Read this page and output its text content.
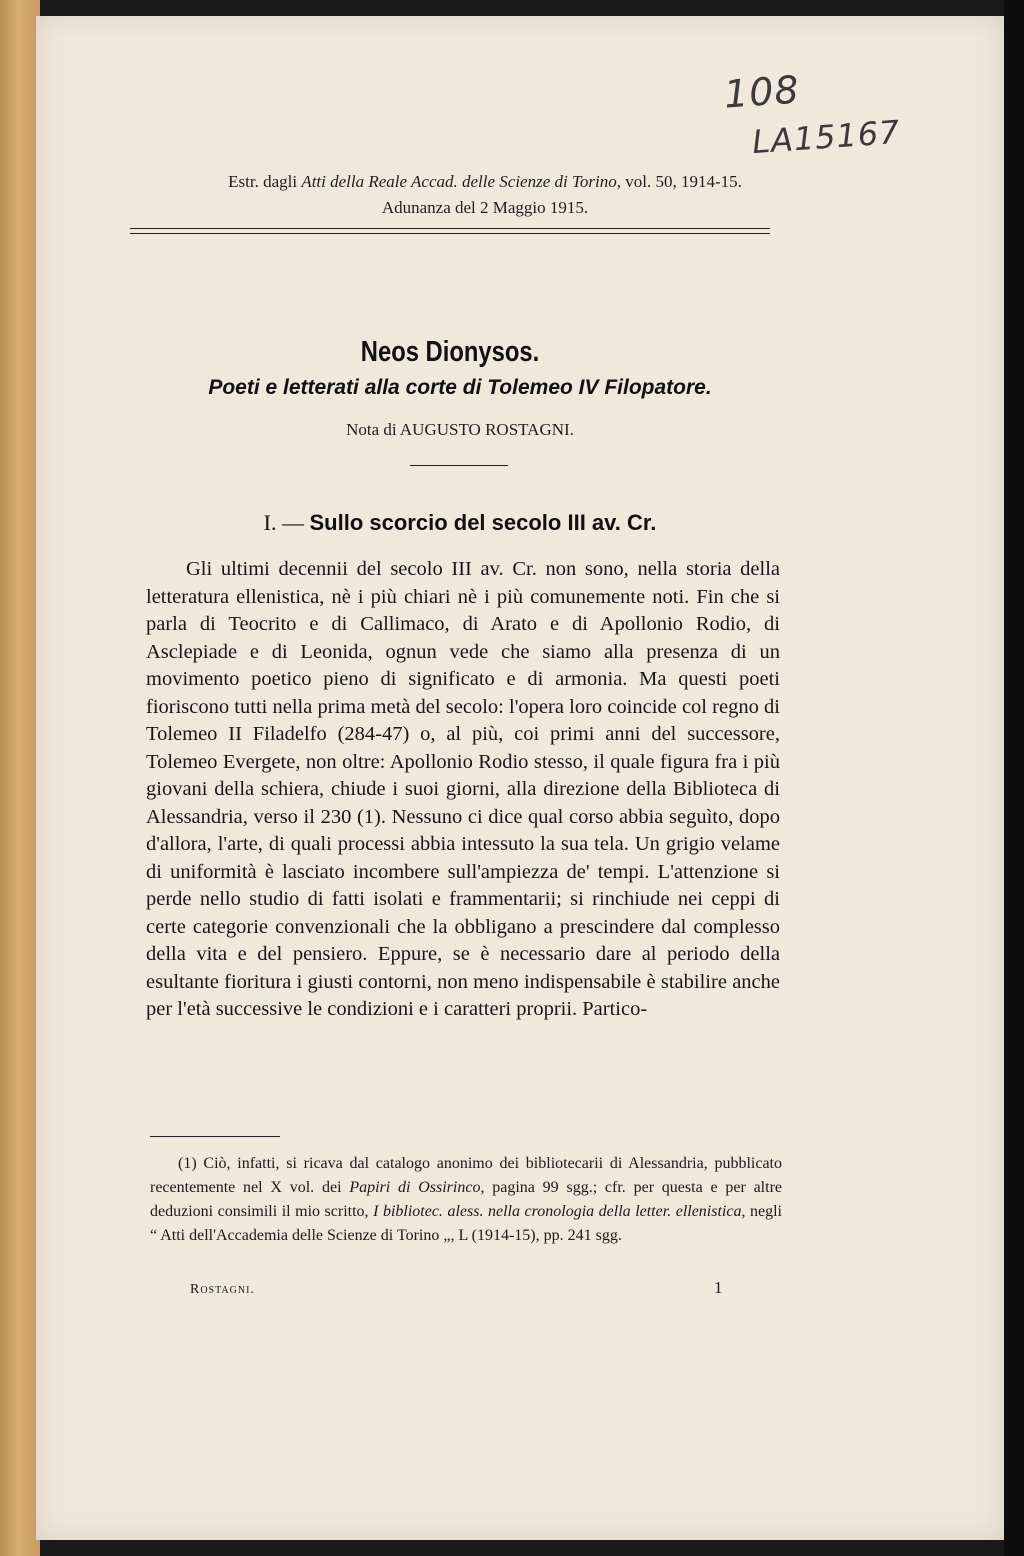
108
LA15167
Estr. dagli Atti della Reale Accad. delle Scienze di Torino, vol. 50, 1914-15.
Adunanza del 2 Maggio 1915.
Neos Dionysos.
Poeti e letterati alla corte di Tolemeo IV Filopatore.
Nota di AUGUSTO ROSTAGNI.
I. — Sullo scorcio del secolo III av. Cr.
Gli ultimi decennii del secolo III av. Cr. non sono, nella storia della letteratura ellenistica, nè i più chiari nè i più comunemente noti. Fin che si parla di Teocrito e di Callimaco, di Arato e di Apollonio Rodio, di Asclepiade e di Leonida, ognun vede che siamo alla presenza di un movimento poetico pieno di significato e di armonia. Ma questi poeti fioriscono tutti nella prima metà del secolo: l'opera loro coincide col regno di Tolemeo II Filadelfo (284-47) o, al più, coi primi anni del successore, Tolemeo Evergete, non oltre: Apollonio Rodio stesso, il quale figura fra i più giovani della schiera, chiude i suoi giorni, alla direzione della Biblioteca di Alessandria, verso il 230 (1). Nessuno ci dice qual corso abbia seguìto, dopo d'allora, l'arte, di quali processi abbia intessuto la sua tela. Un grigio velame di uniformità è lasciato incombere sull'ampiezza de' tempi. L'attenzione si perde nello studio di fatti isolati e frammentarii; si rinchiude nei ceppi di certe categorie convenzionali che la obbligano a prescindere dal complesso della vita e del pensiero. Eppure, se è necessario dare al periodo della esultante fioritura i giusti contorni, non meno indispensabile è stabilire anche per l'età successive le condizioni e i caratteri proprii. Partico-
(1) Ciò, infatti, si ricava dal catalogo anonimo dei bibliotecarii di Alessandria, pubblicato recentemente nel X vol. dei Papiri di Ossirinco, pagina 99 sgg.; cfr. per questa e per altre deduzioni consimili il mio scritto, I bibliotec. aless. nella cronologia della letter. ellenistica, negli “ Atti dell'Accademia delle Scienze di Torino „, L (1914-15), pp. 241 sgg.
Rostagni.	1
